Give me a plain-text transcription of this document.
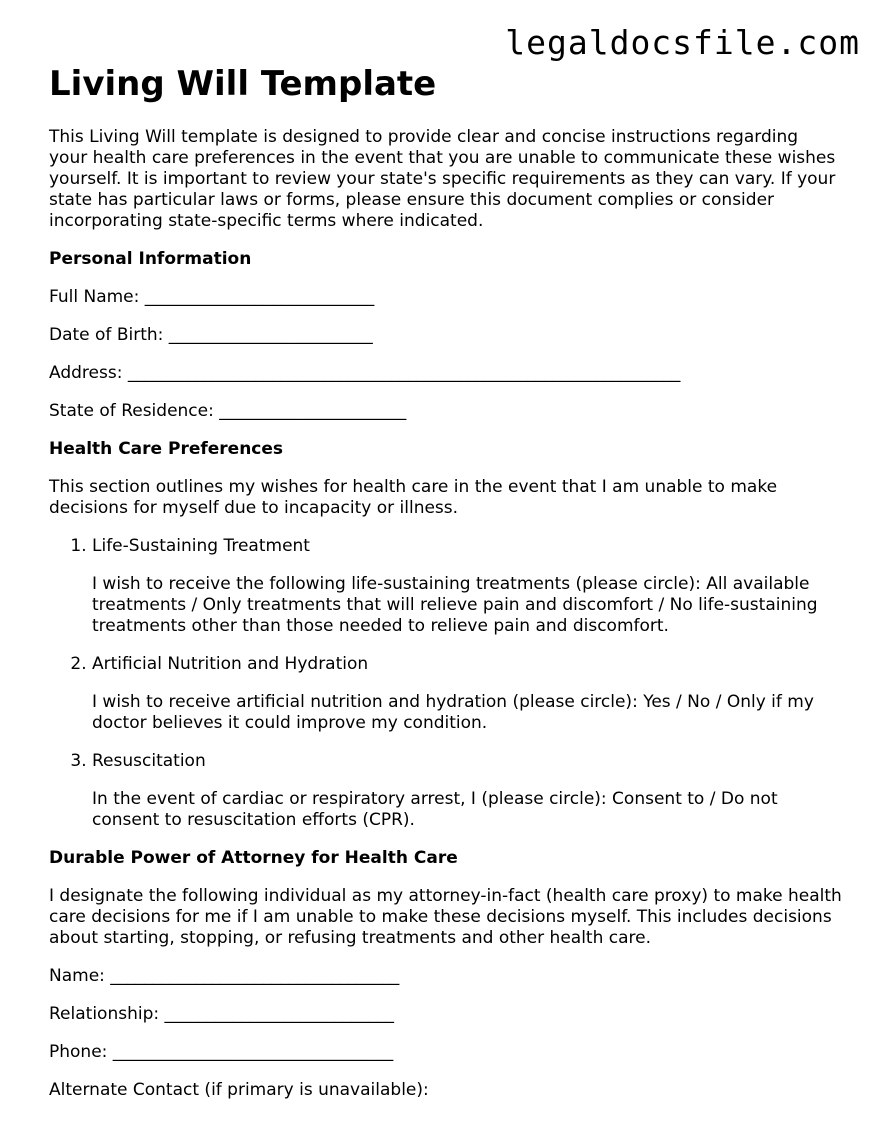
legaldocsfile.com
Living Will Template

This Living Will template is designed to provide clear and concise instructions regarding your health care preferences in the event that you are unable to communicate these wishes yourself. It is important to review your state's specific requirements as they can vary. If your state has particular laws or forms, please ensure this document complies or consider incorporating state-specific terms where indicated.

Personal Information
Full Name: ___________________________
Date of Birth: ________________________
Address: _________________________________________________________________
State of Residence: ______________________
Health Care Preferences

This section outlines my wishes for health care in the event that I am unable to make decisions for myself due to incapacity or illness.

1. Life-Sustaining Treatment
I wish to receive the following life-sustaining treatments (please circle): All available treatments / Only treatments that will relieve pain and discomfort / No life-sustaining treatments other than those needed to relieve pain and discomfort.
2. Artificial Nutrition and Hydration
I wish to receive artificial nutrition and hydration (please circle): Yes / No / Only if my doctor believes it could improve my condition.
3. Resuscitation
In the event of cardiac or respiratory arrest, I (please circle): Consent to / Do not consent to resuscitation efforts (CPR).
Durable Power of Attorney for Health Care

I designate the following individual as my attorney-in-fact (health care proxy) to make health care decisions for me if I am unable to make these decisions myself. This includes decisions about starting, stopping, or refusing treatments and other health care.

Name: __________________________________
Relationship: ___________________________
Phone: _________________________________
Alternate Contact (if primary is unavailable):
